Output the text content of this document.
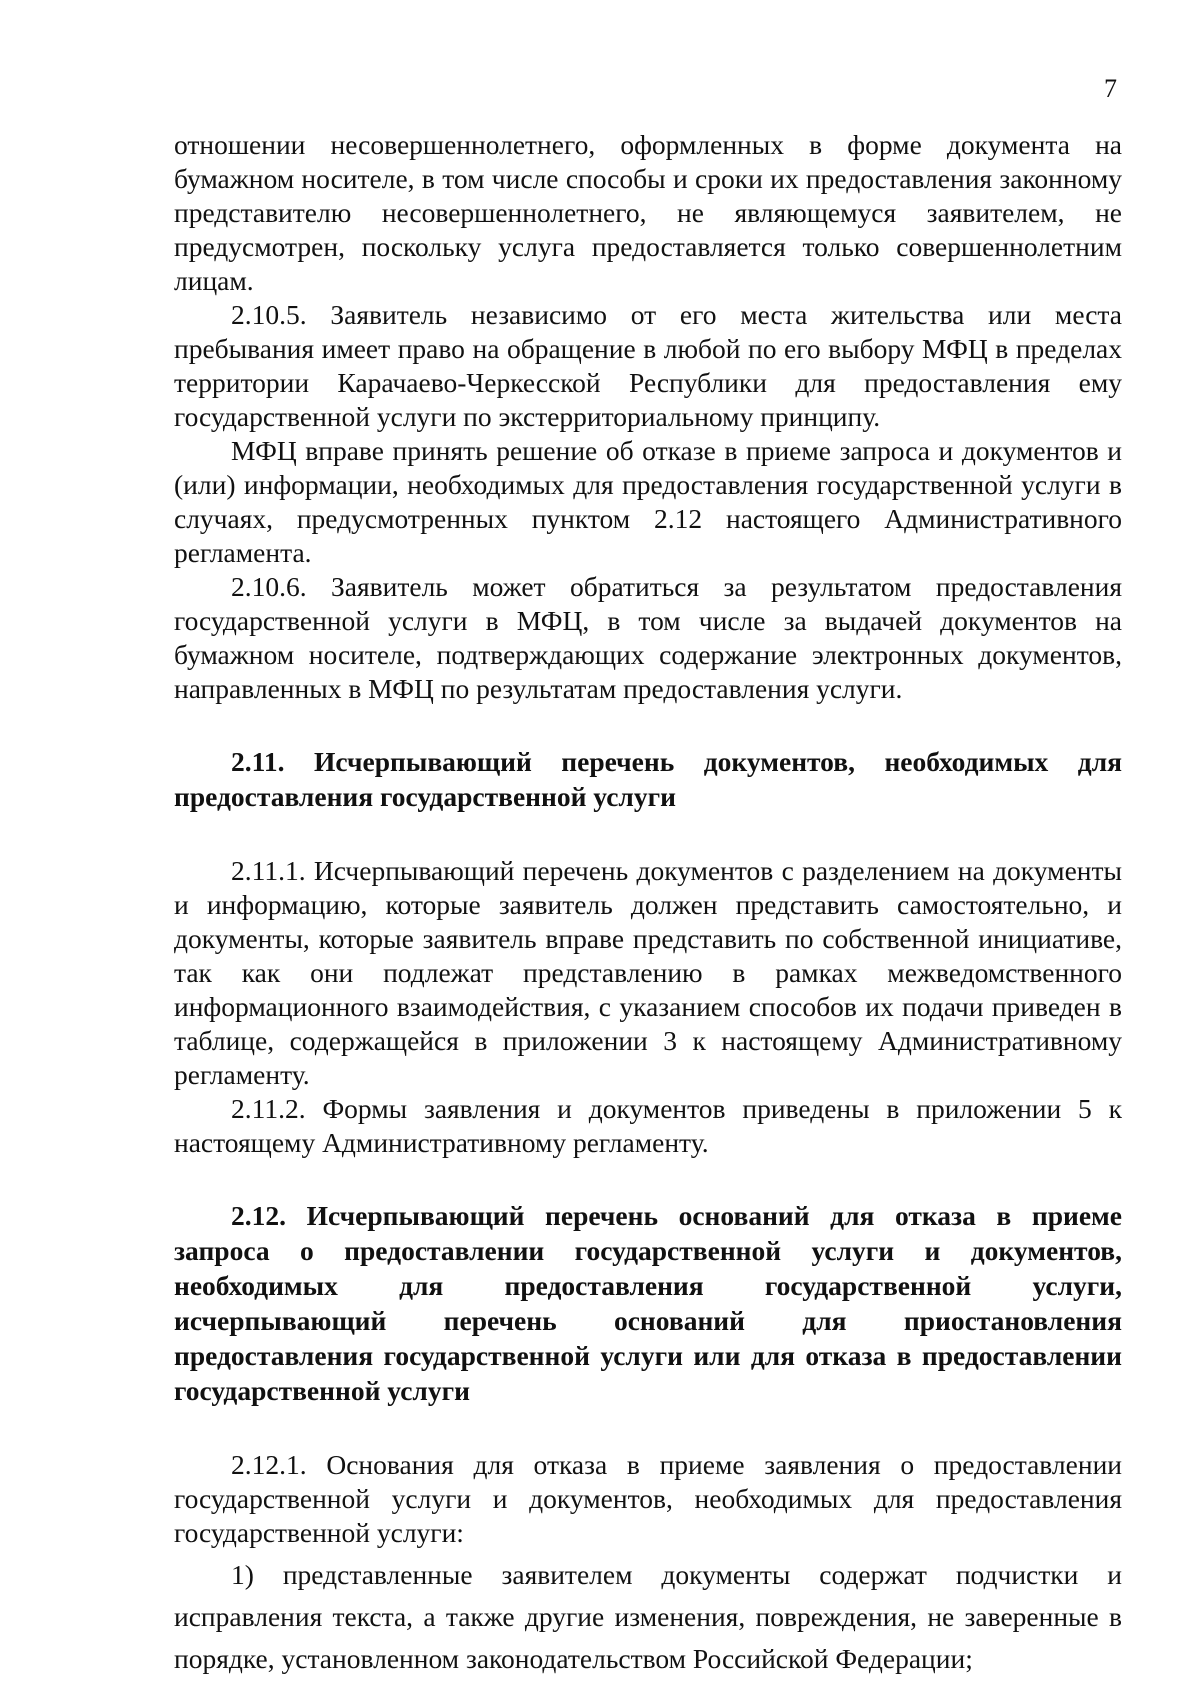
7

отношении несовершеннолетнего, оформленных в форме документа на бумажном носителе, в том числе способы и сроки их предоставления законному представителю несовершеннолетнего, не являющемуся заявителем, не предусмотрен, поскольку услуга предоставляется только совершеннолетним лицам.

2.10.5. Заявитель независимо от его места жительства или места пребывания имеет право на обращение в любой по его выбору МФЦ в пределах территории Карачаево-Черкесской Республики для предоставления ему государственной услуги по экстерриториальному принципу.

МФЦ вправе принять решение об отказе в приеме запроса и документов и (или) информации, необходимых для предоставления государственной услуги в случаях, предусмотренных пунктом 2.12 настоящего Административного регламента.

2.10.6. Заявитель может обратиться за результатом предоставления государственной услуги в МФЦ, в том числе за выдачей документов на бумажном носителе, подтверждающих содержание электронных документов, направленных в МФЦ по результатам предоставления услуги.

2.11. Исчерпывающий перечень документов, необходимых для предоставления государственной услуги

2.11.1. Исчерпывающий перечень документов с разделением на документы и информацию, которые заявитель должен представить самостоятельно, и документы, которые заявитель вправе представить по собственной инициативе, так как они подлежат представлению в рамках межведомственного информационного взаимодействия, с указанием способов их подачи приведен в таблице, содержащейся в приложении 3 к настоящему Административному регламенту.

2.11.2. Формы заявления и документов приведены в приложении 5 к настоящему Административному регламенту.

2.12. Исчерпывающий перечень оснований для отказа в приеме запроса о предоставлении государственной услуги и документов, необходимых для предоставления государственной услуги, исчерпывающий перечень оснований для приостановления предоставления государственной услуги или для отказа в предоставлении государственной услуги

2.12.1. Основания для отказа в приеме заявления о предоставлении государственной услуги и документов, необходимых для предоставления государственной услуги:

1) представленные заявителем документы содержат подчистки и исправления текста, а также другие изменения, повреждения, не заверенные в порядке, установленном законодательством Российской Федерации;
